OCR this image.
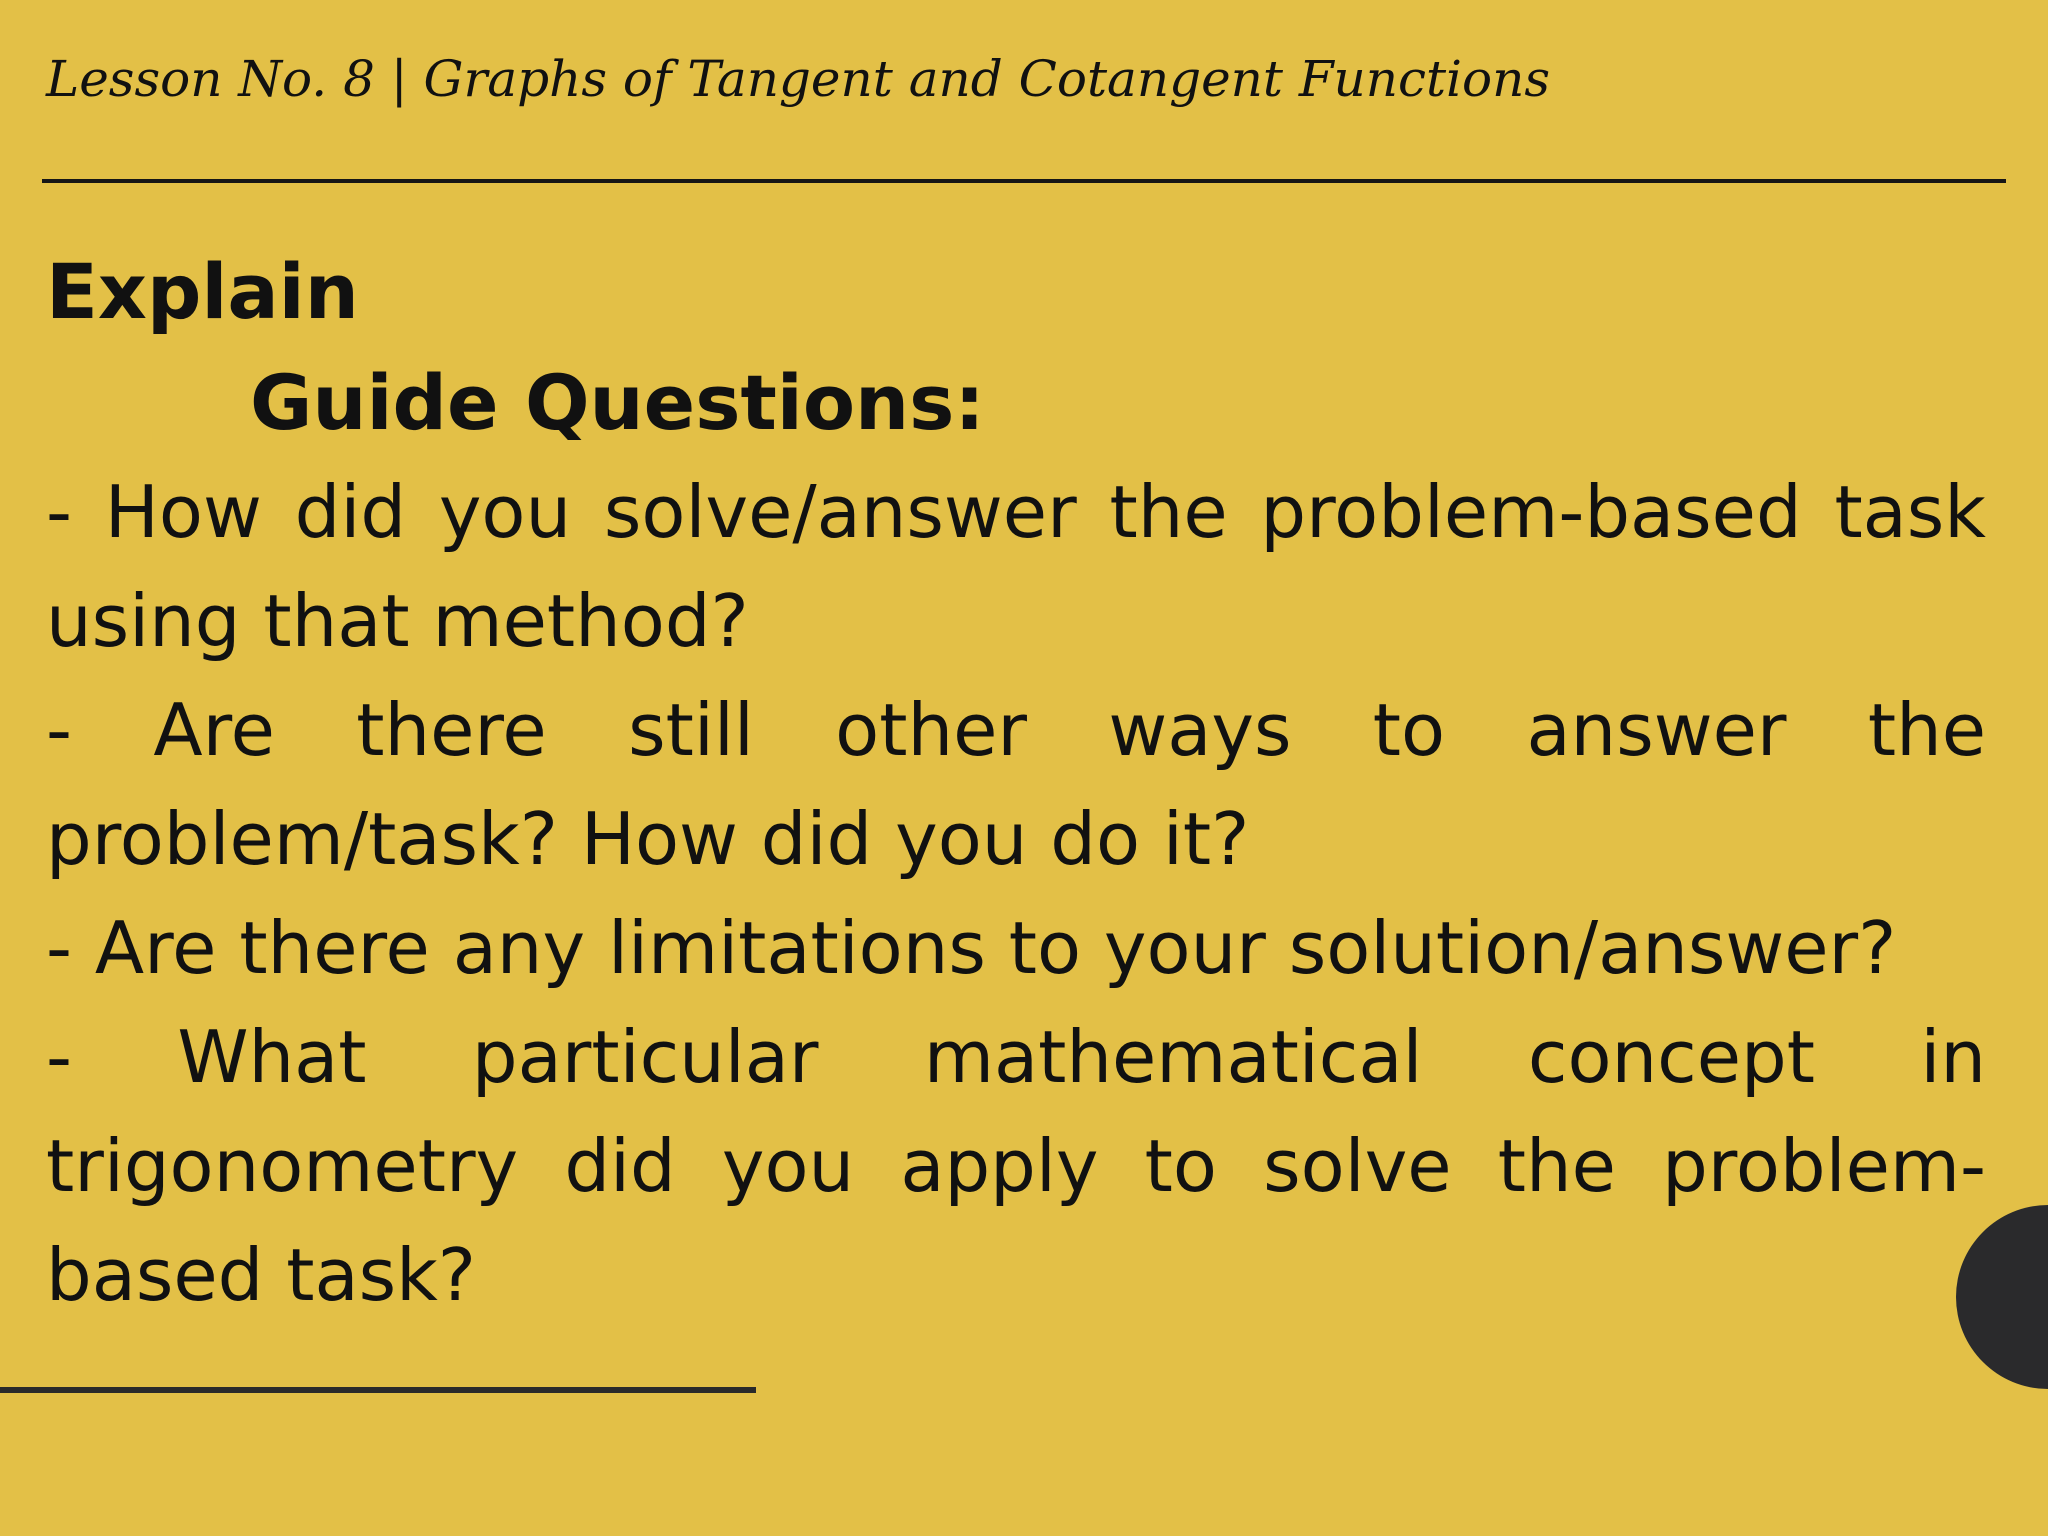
Lesson No. 8 | Graphs of Tangent and Cotangent Functions
Explain
Guide Questions:
- How did you solve/answer the problem-based task using that method?
- Are there still other ways to answer the problem/task? How did you do it?
- Are there any limitations to your solution/answer?
- What particular mathematical concept in trigonometry did you apply to solve the problem-based task?
